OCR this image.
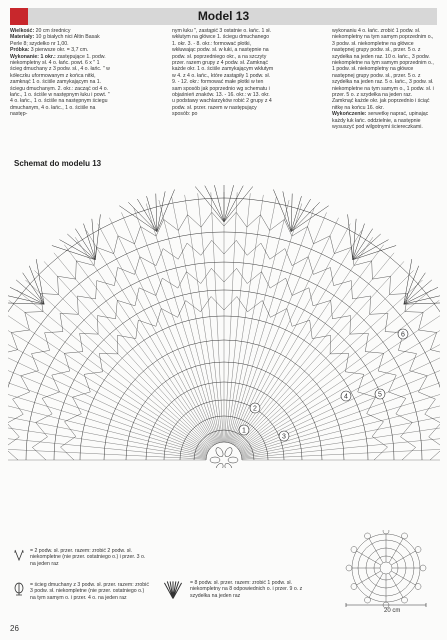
Model 13

Wielkość: 20 cm średnicy

Materiały: 10 g białych nici Altin Basak Perle 8; szydełko nr 1,00.

Próbka: 3 pierwsze okr. = 3,7 cm.

Wykonanie: 1 okr.: zastępujące 1. podw. niekompletny sł. 4 o. łańc. powt. 6 x " 1 ścieg dmuchany z 3 podw. sł., 4 o. łańc. " w kółeczku uformowanym z końca nitki, zamknąć 1 o. ściśle zamykającym na 1. ściegu dmuchanym. 2. okr.: zacząć od 4 o. łańc., 1 o. ściśle w następnym łuku i powt. " 4 o. łańc., 1 o. ściśle na następnym ściegu dmuchanym, 4 o. łańc., 1 o. ściśle na następ-

nym łuku ", zastąpić 3 ostatnie o. łańc. 1 sł. wkłutym na główce 1. ściegu dmuchanego 1. okr. 3. - 8. okr.: formować płotki, wkłuwając podw. sł. w łuki, a następnie na podw. sł. poprzedniego okr., a na szczyty przer. razem grupy z 4 podw. sł. Zamknąć każde okr. 1 o. ściśle zamykającym wkłutym w 4. z 4 o. łańc., które zastąpiły 1 podw. sł. 9. - 12. okr.: formować małe płotki w ten sam sposób jak poprzednio wg schematu i objaśnień znaków. 13. - 16. okr.: w 13. okr. u podstawy wachlarzyków robić 2 grupy z 4 podw. sł. przer. razem w następujący sposób: po

wykonaniu 4 o. łańc. zrobić 1 podw. sł. niekompletny na tym samym poprzednim o., 3 podw. sł. niekompletne na główce następnej grupy podw. sł., przer. 5 o. z szydełka na jeden raz. 10 o. łańc., 3 podw. niekompletne na tym samym poprzednim o., 1 podw. sł. niekompletny na główce następnej grupy podw. sł., przer. 5 o. z szydełka na jeden raz. 5 o. łańc., 3 podw. sł. niekompletne na tym samym o., 1 podw. sł. i przer. 5 o. z szydełka na jeden raz. Zamknąć każde okr. jak poprzednio i ściąć nitkę na końcu 16. okr.

Wykończenie: serwetkę naprać, upinając każdy łuk łańc. oddzielnie, a następnie wysuszyć pod wilgotnymi ściereczkami.

Schemat do modelu 13
1
2
3
4	5
6
= 2 podw. sł. przer. razem: zrobić 2 podw. sł. niekompletne (nie przer. ostatniego o.) i przer. 3 o. na jeden raz
= ścieg dmuchany z 3 podw. sł. przer. razem: zrobić 3 podw. sł. niekompletne (nie przer. ostatniego o.) na tym samym o. i przer. 4 o. na jeden raz
= 8 podw. sł. przer. razem: zrobić 1 podw. sł. niekompletny na 8 odpowiednich o. i przer. 9 o. z szydełka na jeden raz
20 cm
26
